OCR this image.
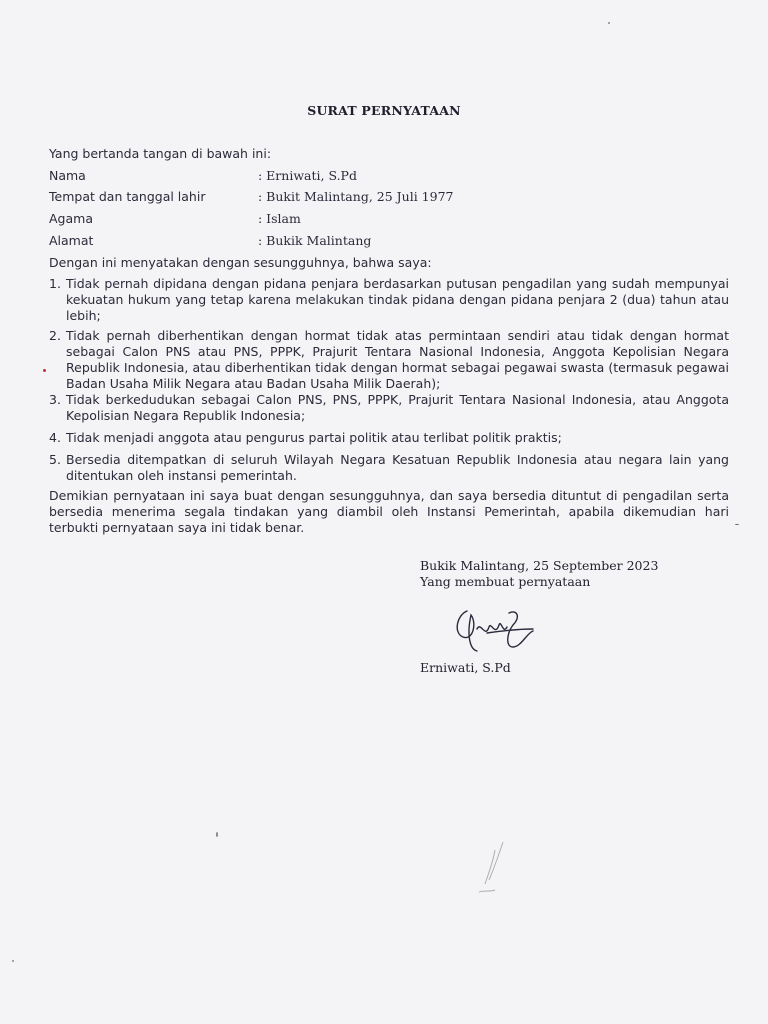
SURAT PERNYATAAN
Yang bertanda tangan di bawah ini:
Nama	: Erniwati, S.Pd
Tempat dan tanggal lahir	: Bukit Malintang, 25 Juli 1977
Agama	: Islam
Alamat	: Bukik Malintang
Dengan ini menyatakan dengan sesungguhnya, bahwa saya:
1. Tidak pernah dipidana dengan pidana penjara berdasarkan putusan pengadilan yang sudah mempunyai kekuatan hukum yang tetap karena melakukan tindak pidana dengan pidana penjara 2 (dua) tahun atau lebih;
2. Tidak pernah diberhentikan dengan hormat tidak atas permintaan sendiri atau tidak dengan hormat sebagai Calon PNS atau PNS, PPPK, Prajurit Tentara Nasional Indonesia, Anggota Kepolisian Negara Republik Indonesia, atau diberhentikan tidak dengan hormat sebagai pegawai swasta (termasuk pegawai Badan Usaha Milik Negara atau Badan Usaha Milik Daerah);
3. Tidak berkedudukan sebagai Calon PNS, PNS, PPPK, Prajurit Tentara Nasional Indonesia, atau Anggota Kepolisian Negara Republik Indonesia;
4. Tidak menjadi anggota atau pengurus partai politik atau terlibat politik praktis;
5. Bersedia ditempatkan di seluruh Wilayah Negara Kesatuan Republik Indonesia atau negara lain yang ditentukan oleh instansi pemerintah.
Demikian pernyataan ini saya buat dengan sesungguhnya, dan saya bersedia dituntut di pengadilan serta bersedia menerima segala tindakan yang diambil oleh Instansi Pemerintah, apabila dikemudian hari terbukti pernyataan saya ini tidak benar.
Bukik Malintang, 25 September 2023
Yang membuat pernyataan
Erniwati, S.Pd
